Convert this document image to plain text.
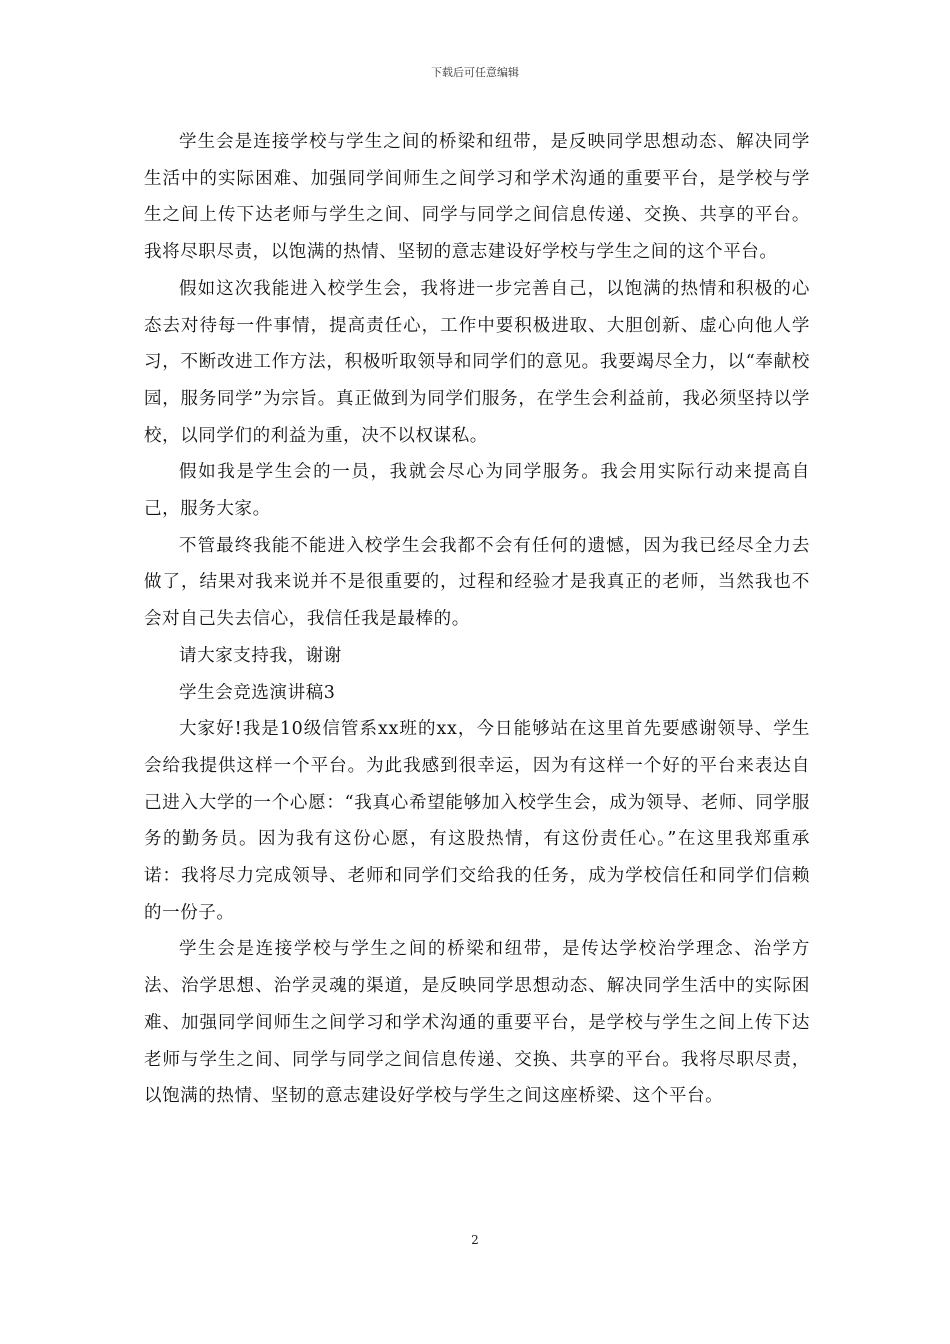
下载后可任意编辑

学生会是连接学校与学生之间的桥梁和纽带，是反映同学思想动态、解决同学生活中的实际困难、加强同学间师生之间学习和学术沟通的重要平台，是学校与学生之间上传下达老师与学生之间、同学与同学之间信息传递、交换、共享的平台。我将尽职尽责，以饱满的热情、坚韧的意志建设好学校与学生之间的这个平台。

假如这次我能进入校学生会，我将进一步完善自己，以饱满的热情和积极的心态去对待每一件事情，提高责任心，工作中要积极进取、大胆创新、虚心向他人学习，不断改进工作方法，积极听取领导和同学们的意见。我要竭尽全力，以“奉献校园，服务同学”为宗旨。真正做到为同学们服务，在学生会利益前，我必须坚持以学校，以同学们的利益为重，决不以权谋私。

假如我是学生会的一员，我就会尽心为同学服务。我会用实际行动来提高自己，服务大家。

不管最终我能不能进入校学生会我都不会有任何的遗憾，因为我已经尽全力去做了，结果对我来说并不是很重要的，过程和经验才是我真正的老师，当然我也不会对自己失去信心，我信任我是最棒的。

请大家支持我，谢谢

学生会竞选演讲稿3

大家好!我是10级信管系xx班的xx，今日能够站在这里首先要感谢领导、学生会给我提供这样一个平台。为此我感到很幸运，因为有这样一个好的平台来表达自己进入大学的一个心愿：“我真心希望能够加入校学生会，成为领导、老师、同学服务的勤务员。因为我有这份心愿，有这股热情，有这份责任心。”在这里我郑重承诺：我将尽力完成领导、老师和同学们交给我的任务，成为学校信任和同学们信赖的一份子。

学生会是连接学校与学生之间的桥梁和纽带，是传达学校治学理念、治学方法、治学思想、治学灵魂的渠道，是反映同学思想动态、解决同学生活中的实际困难、加强同学间师生之间学习和学术沟通的重要平台，是学校与学生之间上传下达老师与学生之间、同学与同学之间信息传递、交换、共享的平台。我将尽职尽责，以饱满的热情、坚韧的意志建设好学校与学生之间这座桥梁、这个平台。

2
